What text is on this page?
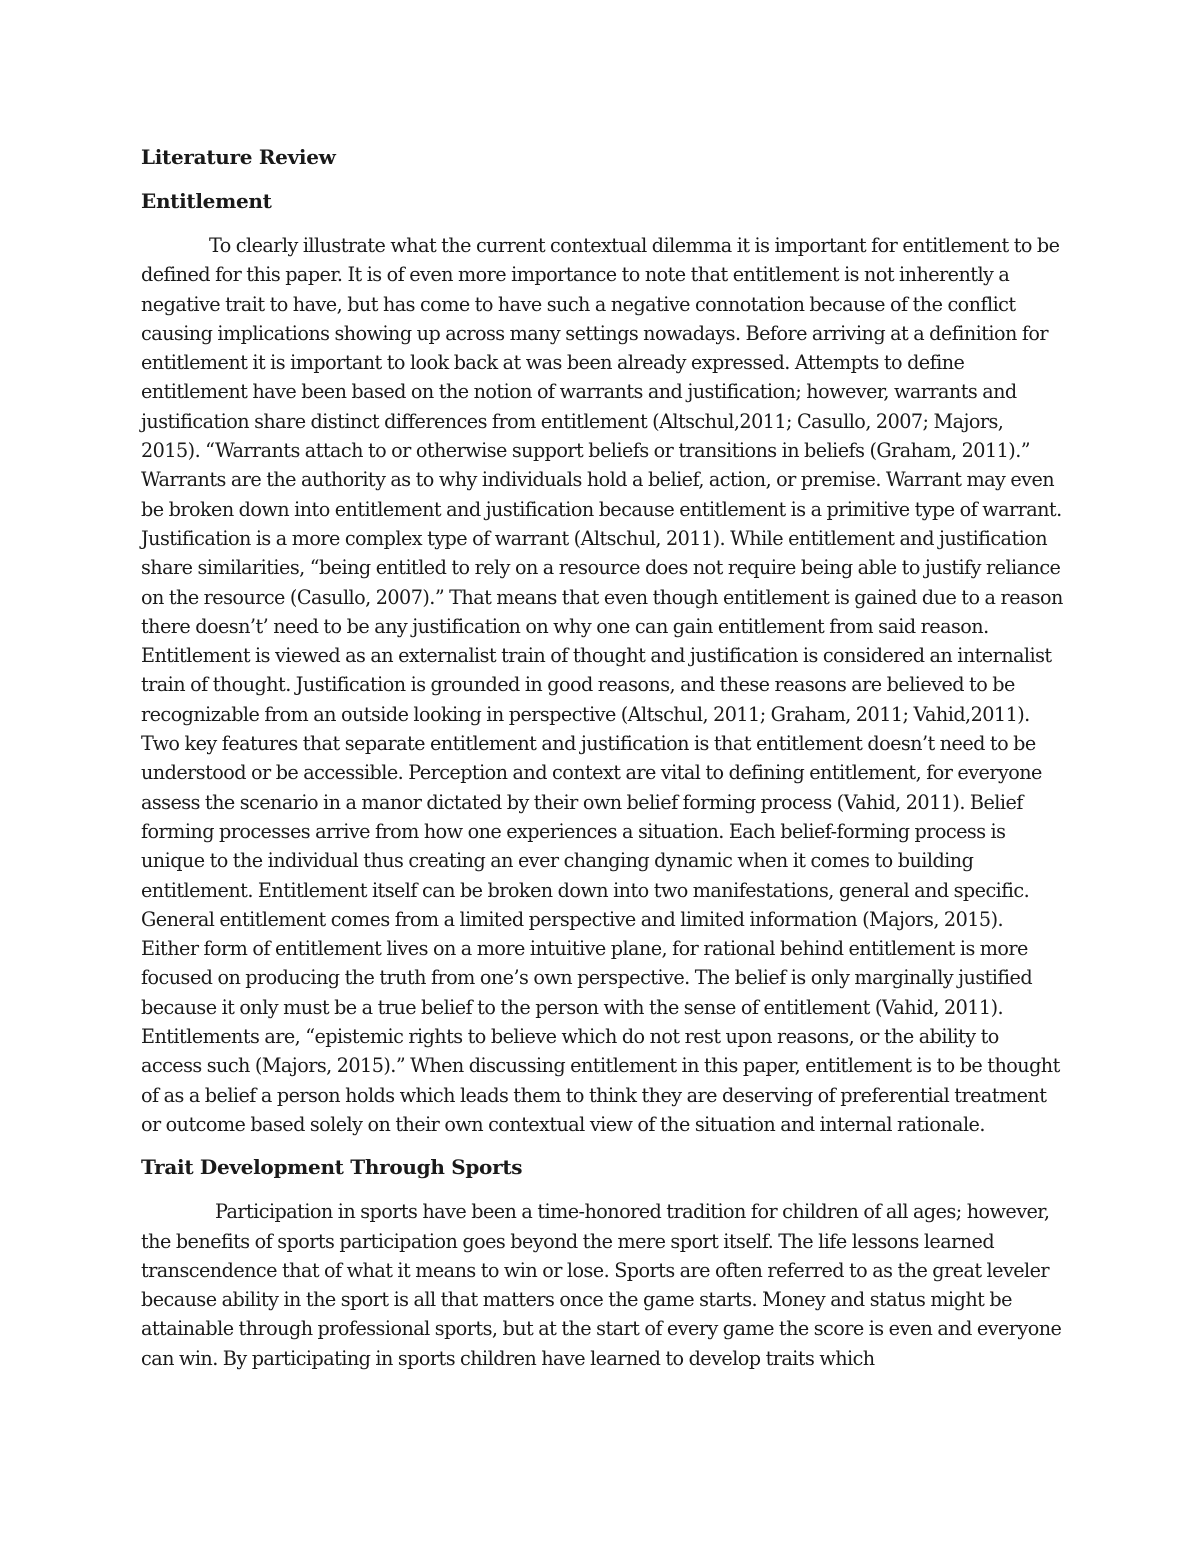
Literature Review
Entitlement

To clearly illustrate what the current contextual dilemma it is important for entitlement to be defined for this paper. It is of even more importance to note that entitlement is not inherently a negative trait to have, but has come to have such a negative connotation because of the conflict causing implications showing up across many settings nowadays. Before arriving at a definition for entitlement it is important to look back at was been already expressed. Attempts to define entitlement have been based on the notion of warrants and justification; however, warrants and justification share distinct differences from entitlement (Altschul,2011; Casullo, 2007; Majors, 2015). “Warrants attach to or otherwise support beliefs or transitions in beliefs (Graham, 2011).” Warrants are the authority as to why individuals hold a belief, action, or premise. Warrant may even be broken down into entitlement and justification because entitlement is a primitive type of warrant. Justification is a more complex type of warrant (Altschul, 2011). While entitlement and justification share similarities, “being entitled to rely on a resource does not require being able to justify reliance on the resource (Casullo, 2007).” That means that even though entitlement is gained due to a reason there doesn’t’ need to be any justification on why one can gain entitlement from said reason. Entitlement is viewed as an externalist train of thought and justification is considered an internalist train of thought. Justification is grounded in good reasons, and these reasons are believed to be recognizable from an outside looking in perspective (Altschul, 2011; Graham, 2011; Vahid,2011). Two key features that separate entitlement and justification is that entitlement doesn’t need to be understood or be accessible. Perception and context are vital to defining entitlement, for everyone assess the scenario in a manor dictated by their own belief forming process (Vahid, 2011). Belief forming processes arrive from how one experiences a situation. Each belief-forming process is unique to the individual thus creating an ever changing dynamic when it comes to building entitlement. Entitlement itself can be broken down into two manifestations, general and specific. General entitlement comes from a limited perspective and limited information (Majors, 2015). Either form of entitlement lives on a more intuitive plane, for rational behind entitlement is more focused on producing the truth from one’s own perspective. The belief is only marginally justified because it only must be a true belief to the person with the sense of entitlement (Vahid, 2011). Entitlements are, “epistemic rights to believe which do not rest upon reasons, or the ability to access such (Majors, 2015).” When discussing entitlement in this paper, entitlement is to be thought of as a belief a person holds which leads them to think they are deserving of preferential treatment or outcome based solely on their own contextual view of the situation and internal rationale.

Trait Development Through Sports

Participation in sports have been a time-honored tradition for children of all ages; however, the benefits of sports participation goes beyond the mere sport itself. The life lessons learned transcendence that of what it means to win or lose. Sports are often referred to as the great leveler because ability in the sport is all that matters once the game starts. Money and status might be attainable through professional sports, but at the start of every game the score is even and everyone can win. By participating in sports children have learned to develop traits which
